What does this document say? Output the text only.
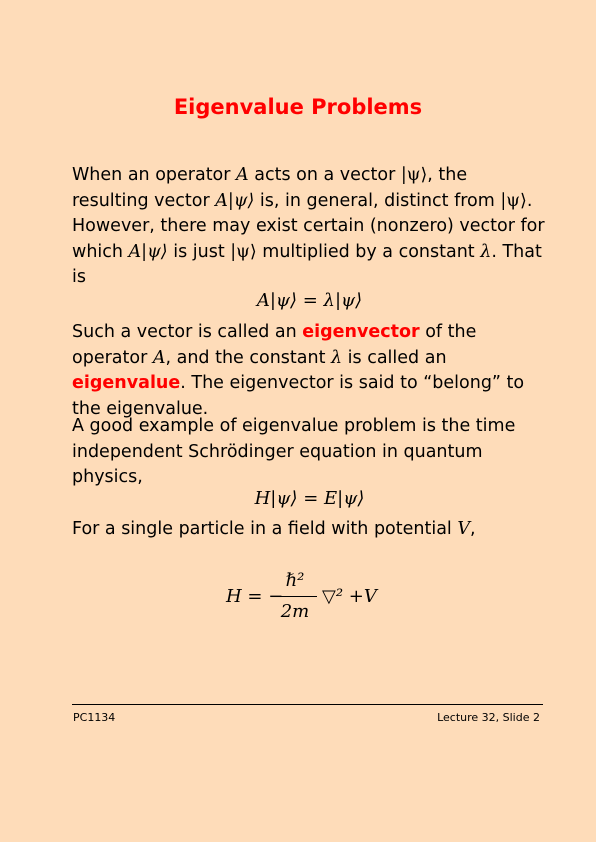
Eigenvalue Problems

When an operator A acts on a vector |ψ⟩, the resulting vector A|ψ⟩ is, in general, distinct from |ψ⟩. However, there may exist certain (nonzero) vector for which A|ψ⟩ is just |ψ⟩ multiplied by a constant λ. That is

A|ψ⟩ = λ|ψ⟩

Such a vector is called an eigenvector of the operator A, and the constant λ is called an eigenvalue. The eigenvector is said to “belong” to the eigenvalue.

A good example of eigenvalue problem is the time independent Schrödinger equation in quantum physics,

H|ψ⟩ = E|ψ⟩

For a single particle in a field with potential V,

H = −
ℏ²
2m
▽² +V
PC1134	Lecture 32, Slide 2
